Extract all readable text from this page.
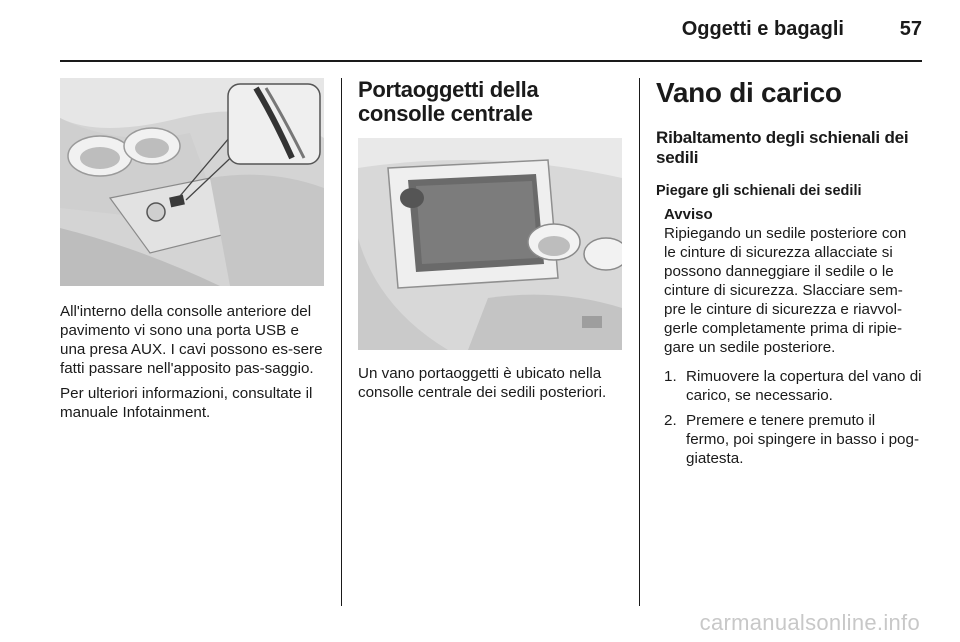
Oggetti e bagagli	57

All'interno della consolle anteriore del pavimento vi sono una porta USB e una presa AUX. I cavi possono es-sere fatti passare nell'apposito pas-saggio.

Per ulteriori informazioni, consultate il manuale Infotainment.

Portaoggetti della consolle centrale

Un vano portaoggetti è ubicato nella consolle centrale dei sedili posteriori.

Vano di carico
Ribaltamento degli schienali dei sedili
Piegare gli schienali dei sedili
Avviso

Ripiegando un sedile posteriore con le cinture di sicurezza allacciate si possono danneggiare il sedile o le cinture di sicurezza. Slacciare sem-pre le cinture di sicurezza e riavvol-gerle completamente prima di ripie-gare un sedile posteriore.

1. Rimuovere la copertura del vano di carico, se necessario.
2. Premere e tenere premuto il fermo, poi spingere in basso i pog-giatesta.
carmanualsonline.info
